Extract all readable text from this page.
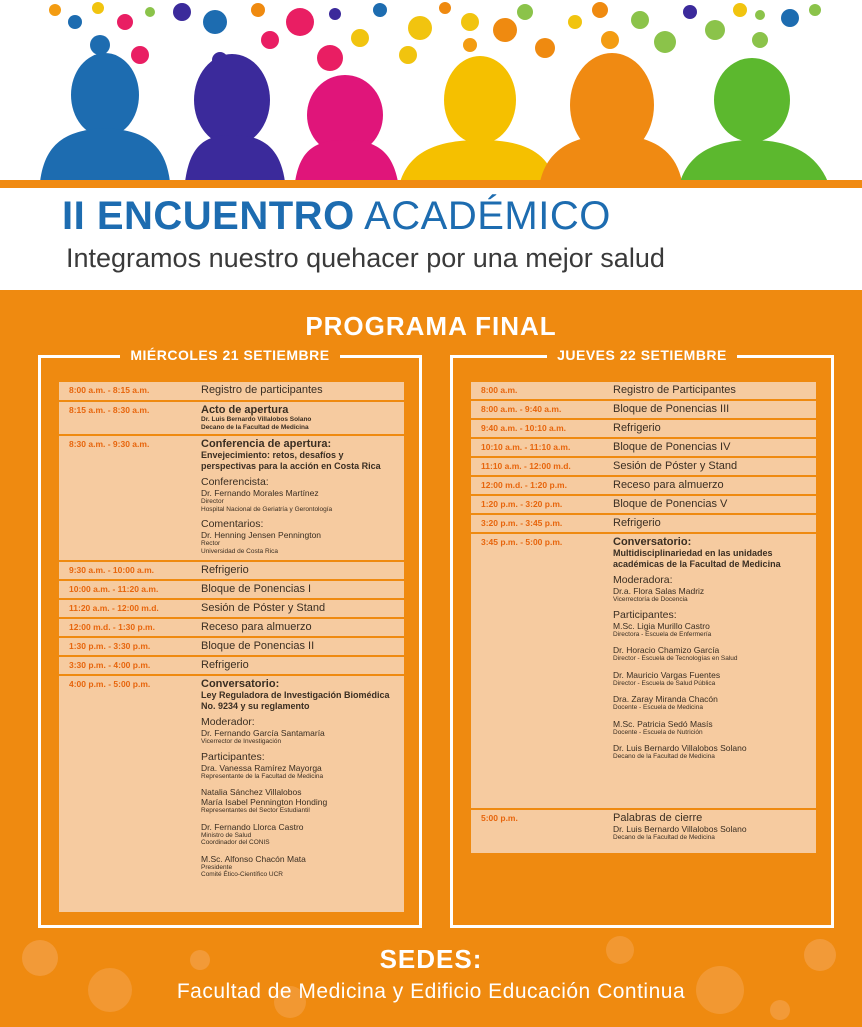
II ENCUENTRO ACADÉMICO
Integramos nuestro quehacer por una mejor salud
PROGRAMA FINAL
MIÉRCOLES 21 SETIEMBRE
8:00 a.m. - 8:15 a.m.	Registro de participantes
8:15 a.m. - 8:30 a.m.	Acto de apertura
Dr. Luis Bernardo Villalobos Solano
Decano de la Facultad de Medicina
8:30 a.m. - 9:30 a.m.	Conferencia de apertura:
Envejecimiento: retos, desafíos y perspectivas para la acción en Costa Rica
Conferencista:
Dr. Fernando Morales Martínez
Director
Hospital Nacional de Geriatría y Gerontología
Comentarios:
Dr. Henning Jensen Pennington
Rector
Universidad de Costa Rica
9:30 a.m. - 10:00 a.m.	Refrigerio
10:00 a.m. - 11:20 a.m.	Bloque de Ponencias I
11:20 a.m. - 12:00 m.d.	Sesión de Póster y Stand
12:00 m.d. - 1:30 p.m.	Receso para almuerzo
1:30 p.m. - 3:30 p.m.	Bloque de Ponencias II
3:30 p.m. - 4:00 p.m.	Refrigerio
4:00 p.m. - 5:00 p.m.	Conversatorio:
Ley Reguladora de Investigación Biomédica No. 9234 y su reglamento
Moderador:
Dr. Fernando García Santamaría
Vicerrector de Investigación
Participantes:
Dra. Vanessa Ramírez Mayorga
Representante de la Facultad de Medicina
Natalia Sánchez Villalobos
María Isabel Pennington Honding
Representantes del Sector Estudiantil
Dr. Fernando Llorca Castro
Ministro de Salud
Coordinador del CONIS
M.Sc. Alfonso Chacón Mata
Presidente
Comité Ético-Científico UCR
JUEVES 22 SETIEMBRE
8:00 a.m.	Registro de Participantes
8:00 a.m. - 9:40 a.m.	Bloque de Ponencias III
9:40 a.m. - 10:10 a.m.	Refrigerio
10:10 a.m. - 11:10 a.m.	Bloque de Ponencias IV
11:10 a.m. - 12:00 m.d.	Sesión de Póster y Stand
12:00 m.d. - 1:20 p.m.	Receso para almuerzo
1:20 p.m. - 3:20 p.m.	Bloque de Ponencias V
3:20 p.m. - 3:45 p.m.	Refrigerio
3:45 p.m. - 5:00 p.m.	Conversatorio:
Multidisciplinariedad en las unidades académicas de la Facultad de Medicina
Moderadora:
Dr.a. Flora Salas Madriz
Vicerrectoría de Docencia
Participantes:
M.Sc. Ligia Murillo Castro
Directora - Escuela de Enfermería
Dr. Horacio Chamizo García
Director - Escuela de Tecnologías en Salud
Dr. Mauricio Vargas Fuentes
Director - Escuela de Salud Pública
Dra. Zaray Miranda Chacón
Docente - Escuela de Medicina
M.Sc. Patricia Sedó Masís
Docente - Escuela de Nutrición
Dr. Luis Bernardo Villalobos Solano
Decano de la Facultad de Medicina
5:00 p.m.	Palabras de cierre
Dr. Luis Bernardo Villalobos Solano
Decano de la Facultad de Medicina
SEDES:
Facultad de Medicina y Edificio Educación Continua
